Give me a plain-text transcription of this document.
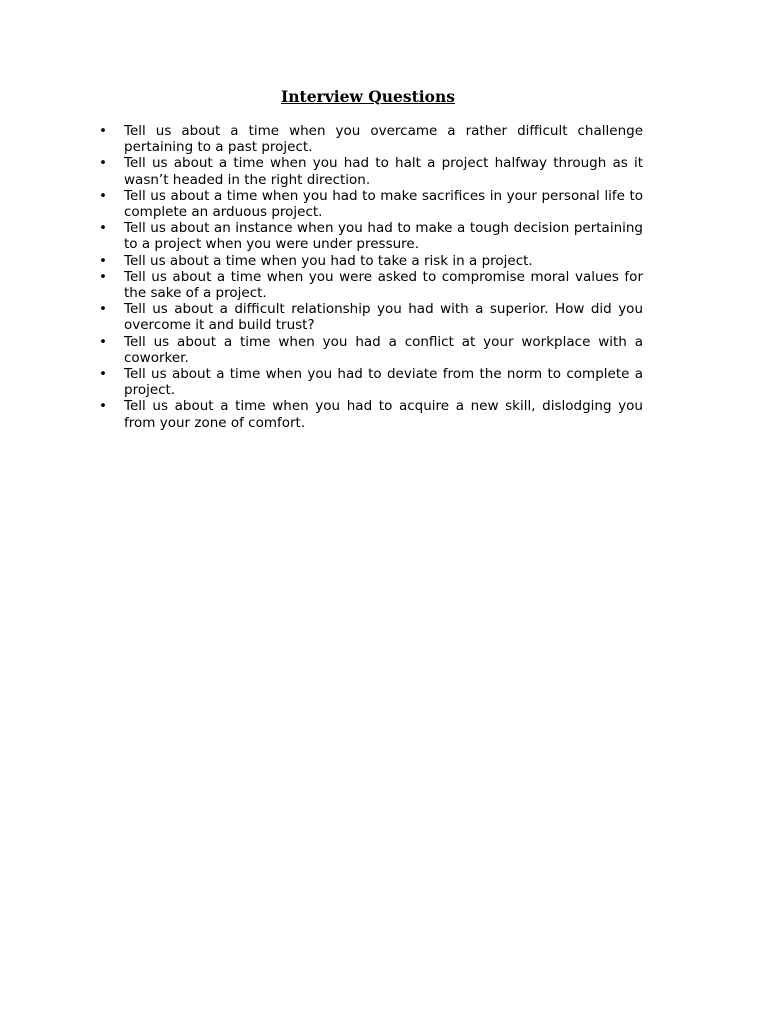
Interview Questions
• Tell us about a time when you overcame a rather difficult challenge pertaining to a past project.
• Tell us about a time when you had to halt a project halfway through as it wasn’t headed in the right direction.
• Tell us about a time when you had to make sacrifices in your personal life to complete an arduous project.
• Tell us about an instance when you had to make a tough decision pertaining to a project when you were under pressure.
• Tell us about a time when you had to take a risk in a project.
• Tell us about a time when you were asked to compromise moral values for the sake of a project.
• Tell us about a difficult relationship you had with a superior. How did you overcome it and build trust?
• Tell us about a time when you had a conflict at your workplace with a coworker.
• Tell us about a time when you had to deviate from the norm to complete a project.
• Tell us about a time when you had to acquire a new skill, dislodging you from your zone of comfort.
